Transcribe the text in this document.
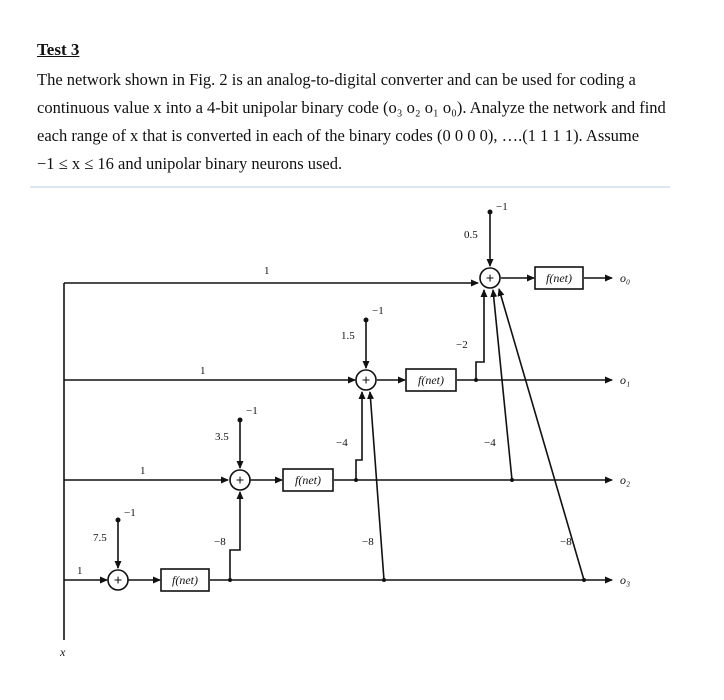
Test 3
The network shown in Fig. 2 is an analog-to-digital converter and can be used for coding a
continuous value x into a 4-bit unipolar binary code (o₃ o₂ o₁ o₀). Analyze the network and find
each range of x that is converted in each of the binary codes (0 0 0 0), ….(1 1 1 1). Assume
−1 ≤ x ≤ 16 and unipolar binary neurons used.
+
+
+
+
f(net)
f(net)
f(net)
f(net)	o₀
o₁
o₂
o₃
x
1
1
1
1
7.5
3.5
1.5
0.5
−1
−1
−1
−1
−8	−8	−8
−4	−4
−2
